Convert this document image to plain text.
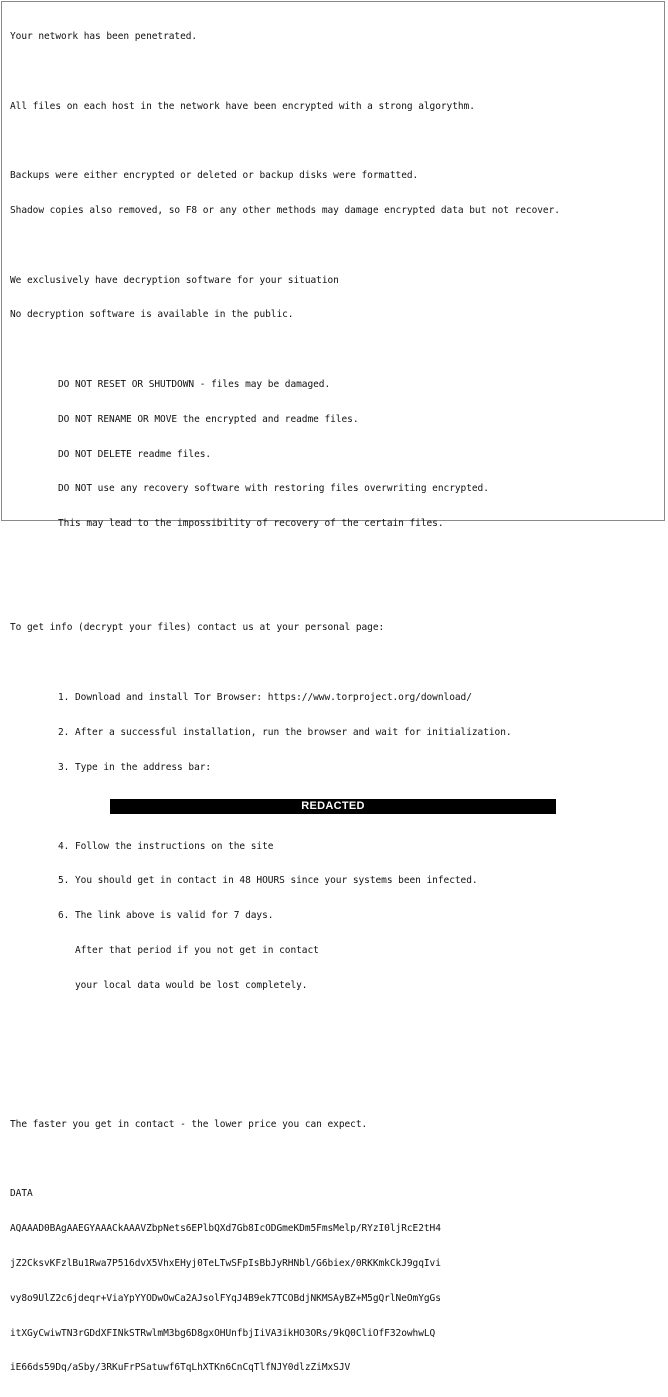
Your network has been penetrated.

All files on each host in the network have been encrypted with a strong algorythm.

Backups were either encrypted or deleted or backup disks were formatted.

Shadow copies also removed, so F8 or any other methods may damage encrypted data but not recover.

We exclusively have decryption software for your situation

No decryption software is available in the public.

DO NOT RESET OR SHUTDOWN - files may be damaged.

DO NOT RENAME OR MOVE the encrypted and readme files.

DO NOT DELETE readme files.

DO NOT use any recovery software with restoring files overwriting encrypted.

This may lead to the impossibility of recovery of the certain files.

To get info (decrypt your files) contact us at your personal page:

1. Download and install Tor Browser: https://www.torproject.org/download/

2. After a successful installation, run the browser and wait for initialization.

3. Type in the address bar:

REDACTED

4. Follow the instructions on the site

5. You should get in contact in 48 HOURS since your systems been infected.

6. The link above is valid for 7 days.

After that period if you not get in contact

your local data would be lost completely.

The faster you get in contact - the lower price you can expect.

DATA

AQAAAD0BAgAAEGYAAACkAAAVZbpNets6EPlbQXd7Gb8IcODGmeKDm5FmsMelp/RYzI0ljRcE2tH4

jZ2CksvKFzlBu1Rwa7P516dvX5VhxEHyj0TeLTwSFpIsBbJyRHNbl/G6biex/0RKKmkCkJ9gqIvi

vy8o9UlZ2c6jdeqr+ViaYpYYODwOwCa2AJsolFYqJ4B9ek7TCOBdjNKMSAyBZ+M5gQrlNeOmYgGs

itXGyCwiwTN3rGDdXFINkSTRwlmM3bg6D8gxOHUnfbjIiVA3ikHO3ORs/9kQ0CliOfF32owhwLQ

iE66ds59Dq/aSby/3RKuFrPSatuwf6TqLhXTKn6CnCqTlfNJY0dlzZiMxSJV
